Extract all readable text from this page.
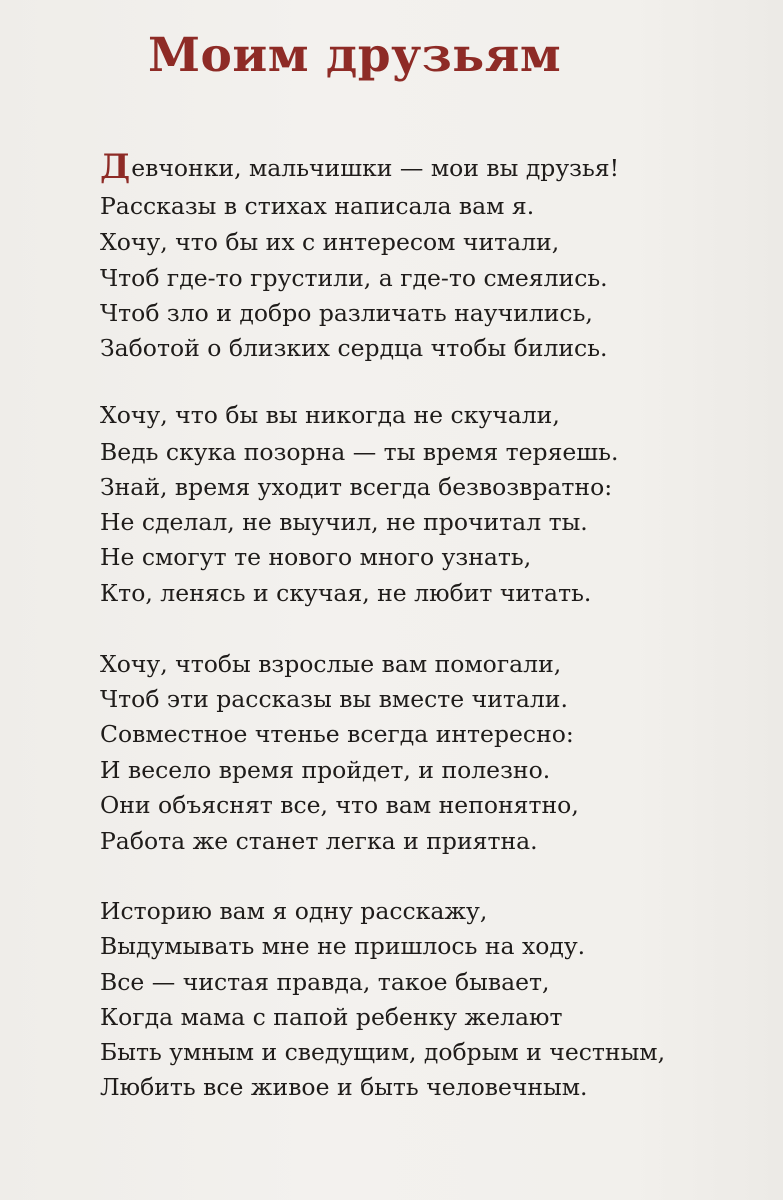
Моим друзьям
Девчонки, мальчишки — мои вы друзья!
Рассказы в стихах написала вам я.
Хочу, что бы их с интересом читали,
Чтоб где-то грустили, а где-то смеялись.
Чтоб зло и добро различать научились,
Заботой о близких сердца чтобы бились.
Хочу, что бы вы никогда не скучали,
Ведь скука позорна — ты время теряешь.
Знай, время уходит всегда безвозвратно:
Не сделал, не выучил, не прочитал ты.
Не смогут те нового много узнать,
Кто, ленясь и скучая, не любит читать.
Хочу, чтобы взрослые вам помогали,
Чтоб эти рассказы вы вместе читали.
Совместное чтенье всегда интересно:
И весело время пройдет, и полезно.
Они объяснят все, что вам непонятно,
Работа же станет легка и приятна.
Историю вам я одну расскажу,
Выдумывать мне не пришлось на ходу.
Все — чистая правда, такое бывает,
Когда мама с папой ребенку желают
Быть умным и сведущим, добрым и честным,
Любить все живое и быть человечным.
